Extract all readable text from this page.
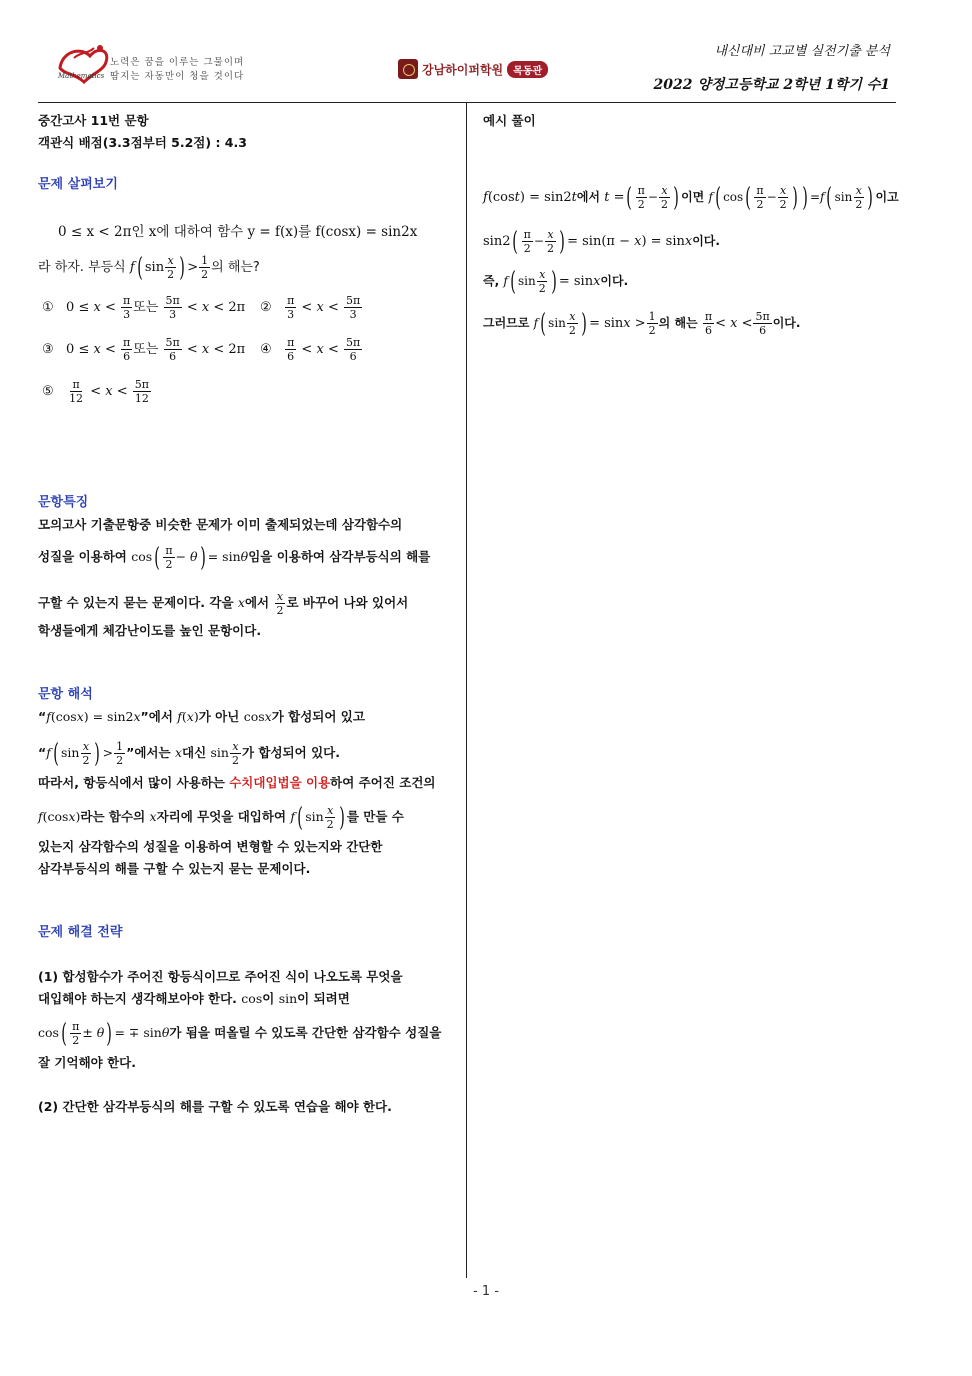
Mathematics
노력은 꿈을 이루는 그물이며
땀지는 자동만이 청을 것이다	강남하이퍼학원	목동관
내신대비 고교별 실전기출 분석
2022 양정고등학교 2학년 1학기 수1
중간고사 11번 문항
객관식 배점(3.3점부터 5.2점) : 4.3
문제 살펴보기
0 ≤ x < 2π인 x에 대하여 함수 y = f(x)를 f(cosx) = sin2x
라 하자. 부등식 f( $\sin \frac{x}{2}$ ) > $\frac{1}{2}$ 의 해는?
①   $0 \le x < \frac{\pi}{3}$ 또는 $\frac{5\pi}{3} < x < 2\pi$ ② $\frac{\pi}{3} < x < \frac{5\pi}{3}$
③   $0 \le x < \frac{\pi}{6}$ 또는 $\frac{5\pi}{6} < x < 2\pi$ ④ $\frac{\pi}{6} < x < \frac{5\pi}{6}$
⑤ $\frac{\pi}{12} < x < \frac{5\pi}{12}$
문항특징
모의고사 기출문항중 비슷한 문제가 이미 출제되었는데 삼각함수의
성질을 이용하여 $\cos( \frac{\pi}{2} - \theta) = \sin\theta$임을 이용하여 삼각부등식의 해를
구할 수 있는지 묻는 문제이다. 각을 x에서 $\frac{x}{2}$ 로 바꾸어 나와 있어서
학생들에게 체감난이도를 높인 문항이다.
문항 해석
“f(cosx) = sin2x”에서 f(x)가 아닌 cosx가 합성되어 있고
“f( $\sin \frac{x}{2}$ ) > $\frac{1}{2}$ ”에서는 x대신 $\sin \frac{x}{2}$ 가 합성되어 있다.
따라서, 항등식에서 많이 사용하는 수치대입법을 이용하여 주어진 조건의
f(cosx)라는 함수의 x자리에 무엇을 대입하여 f( $\sin \frac{x}{2}$ ) 를 만들 수
있는지 삼각함수의 성질을 이용하여 변형할 수 있는지와 간단한
삼각부등식의 해를 구할 수 있는지 묻는 문제이다.
문제 해결 전략
(1) 합성함수가 주어진 항등식이므로 주어진 식이 나오도록 무엇을
대입해야 하는지 생각해보아야 한다. cos이 sin이 되려면
$\cos( \frac{\pi}{2} \pm \theta)$ = ∓ sinθ가 됨을 떠올릴 수 있도록 간단한 삼각함수 성질을
잘 기억해야 한다.
(2) 간단한 삼각부등식의 해를 구할 수 있도록 연습을 해야 한다.
예시 풀이
f(cost) = sin2t에서 t =( $\frac{\pi}{2} - \frac{x}{2}$ ) 이면 f( $\cos( \frac{\pi}{2} - \frac{x}{2}$ ) ) =f( $\sin \frac{x}{2}$ ) 이고
$\sin 2( \frac{\pi}{2} - \frac{x}{2}$ ) = sin(π − x) = sinx이다.
즉, f( $\sin \frac{x}{2}$ ) = sinx이다.
그러므로 f( $\sin \frac{x}{2}$ ) = $\sin x > \frac{1}{2}$ 의 해는 $\frac{\pi}{6} < x < \frac{5\pi}{6}$ 이다.
- 1 -
